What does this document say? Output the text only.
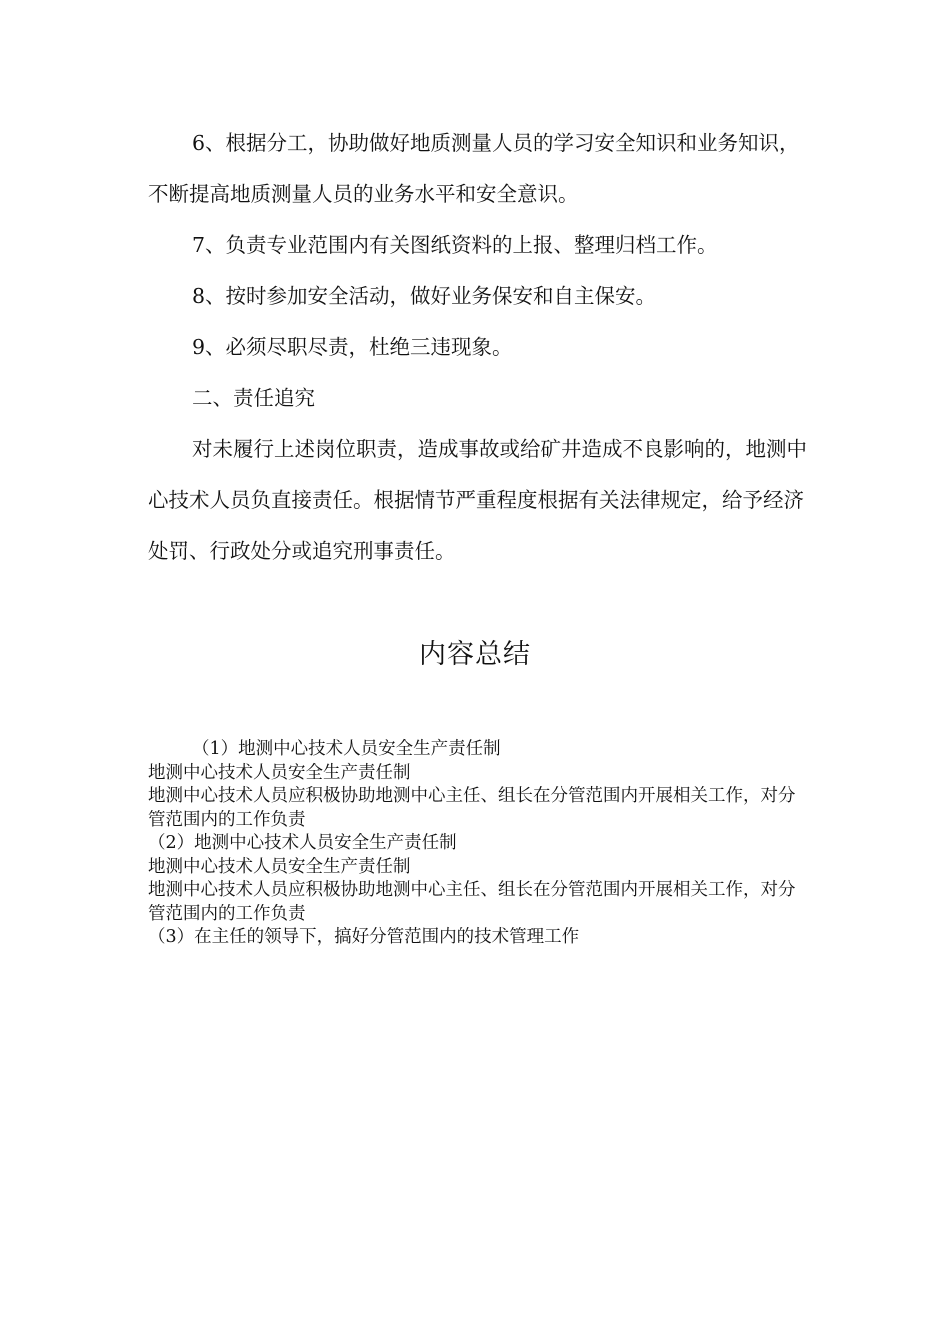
6、根据分工，协助做好地质测量人员的学习安全知识和业务知识，不断提高地质测量人员的业务水平和安全意识。

7、负责专业范围内有关图纸资料的上报、整理归档工作。

8、按时参加安全活动，做好业务保安和自主保安。

9、必须尽职尽责，杜绝三违现象。

二、责任追究

对未履行上述岗位职责，造成事故或给矿井造成不良影响的，地测中心技术人员负直接责任。根据情节严重程度根据有关法律规定，给予经济处罚、行政处分或追究刑事责任。

内容总结

（1）地测中心技术人员安全生产责任制

地测中心技术人员安全生产责任制

地测中心技术人员应积极协助地测中心主任、组长在分管范围内开展相关工作，对分管范围内的工作负责

（2）地测中心技术人员安全生产责任制

地测中心技术人员安全生产责任制

地测中心技术人员应积极协助地测中心主任、组长在分管范围内开展相关工作，对分管范围内的工作负责

（3）在主任的领导下，搞好分管范围内的技术管理工作
